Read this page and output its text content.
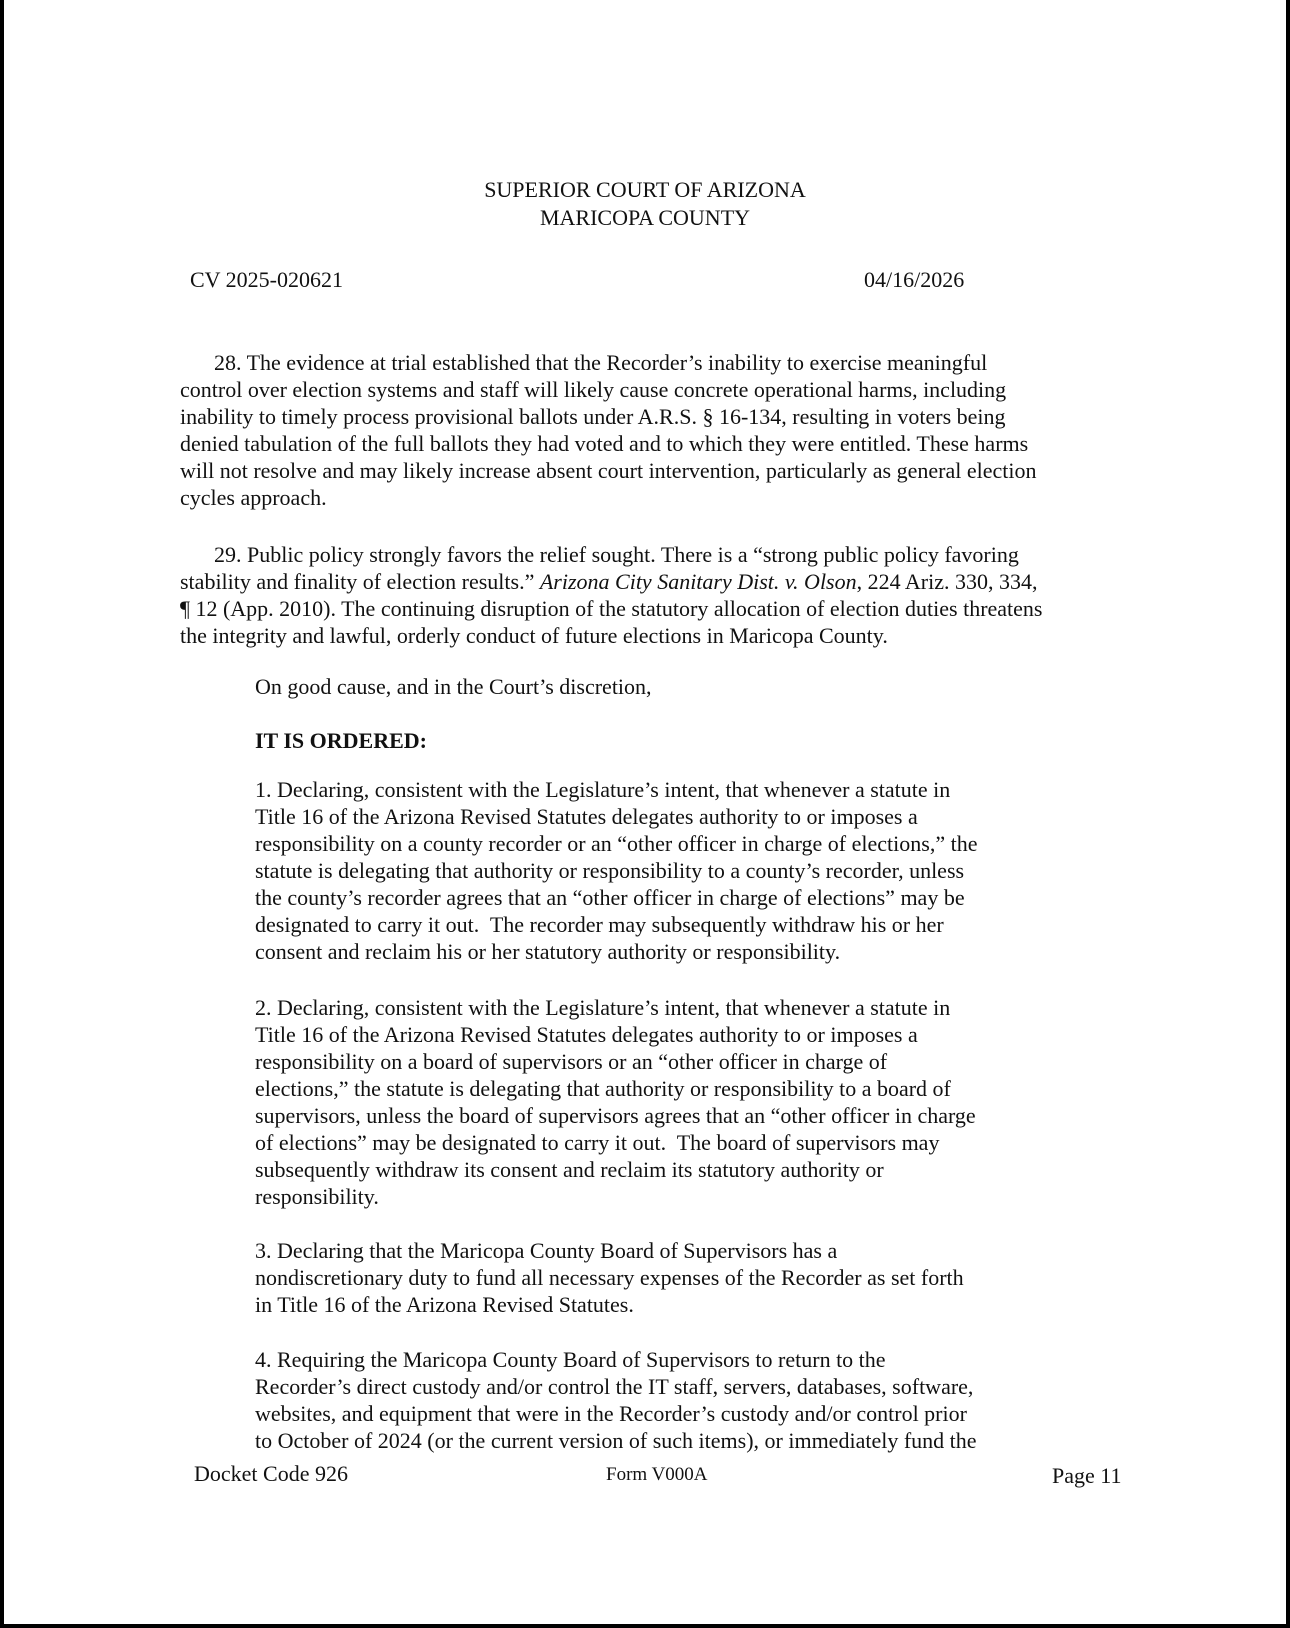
SUPERIOR COURT OF ARIZONA
MARICOPA COUNTY
CV 2025-020621	04/16/2026
28. The evidence at trial established that the Recorder’s inability to exercise meaningful
control over election systems and staff will likely cause concrete operational harms, including
inability to timely process provisional ballots under A.R.S. § 16-134, resulting in voters being
denied tabulation of the full ballots they had voted and to which they were entitled. These harms
will not resolve and may likely increase absent court intervention, particularly as general election
cycles approach.
29. Public policy strongly favors the relief sought. There is a “strong public policy favoring
stability and finality of election results.” Arizona City Sanitary Dist. v. Olson, 224 Ariz. 330, 334,
¶ 12 (App. 2010). The continuing disruption of the statutory allocation of election duties threatens
the integrity and lawful, orderly conduct of future elections in Maricopa County.
On good cause, and in the Court’s discretion,
IT IS ORDERED:
1. Declaring, consistent with the Legislature’s intent, that whenever a statute in
Title 16 of the Arizona Revised Statutes delegates authority to or imposes a
responsibility on a county recorder or an “other officer in charge of elections,” the
statute is delegating that authority or responsibility to a county’s recorder, unless
the county’s recorder agrees that an “other officer in charge of elections” may be
designated to carry it out.  The recorder may subsequently withdraw his or her
consent and reclaim his or her statutory authority or responsibility.
2. Declaring, consistent with the Legislature’s intent, that whenever a statute in
Title 16 of the Arizona Revised Statutes delegates authority to or imposes a
responsibility on a board of supervisors or an “other officer in charge of
elections,” the statute is delegating that authority or responsibility to a board of
supervisors, unless the board of supervisors agrees that an “other officer in charge
of elections” may be designated to carry it out.  The board of supervisors may
subsequently withdraw its consent and reclaim its statutory authority or
responsibility.
3. Declaring that the Maricopa County Board of Supervisors has a
nondiscretionary duty to fund all necessary expenses of the Recorder as set forth
in Title 16 of the Arizona Revised Statutes.
4. Requiring the Maricopa County Board of Supervisors to return to the
Recorder’s direct custody and/or control the IT staff, servers, databases, software,
websites, and equipment that were in the Recorder’s custody and/or control prior
to October of 2024 (or the current version of such items), or immediately fund the
Docket Code 926	Form V000A	Page 11
